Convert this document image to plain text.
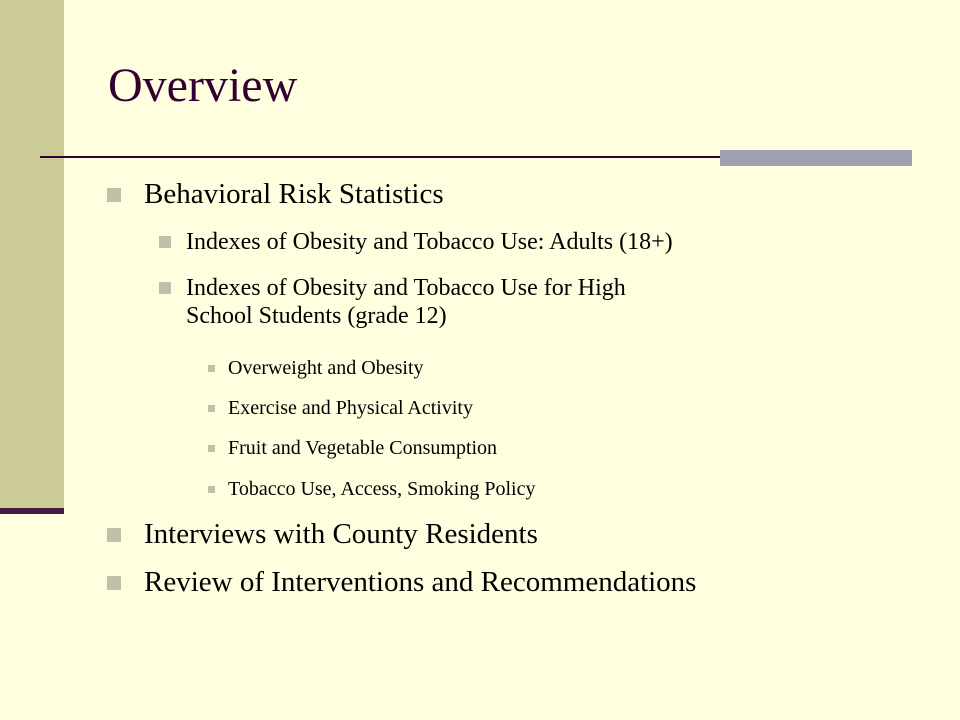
Overview
Behavioral Risk Statistics
Indexes of Obesity and Tobacco Use: Adults (18+)
Indexes of Obesity and Tobacco Use for High
School Students (grade 12)
Overweight and Obesity
Exercise and Physical Activity
Fruit and Vegetable Consumption
Tobacco Use, Access, Smoking Policy
Interviews with County Residents
Review of Interventions and Recommendations
